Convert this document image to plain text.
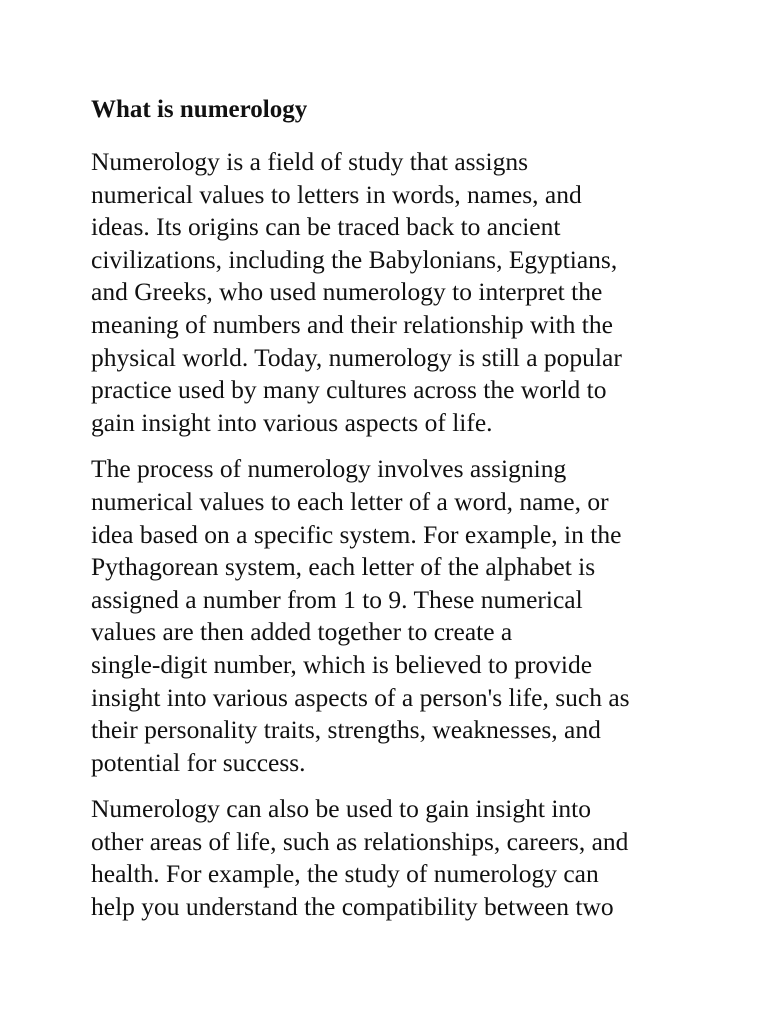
What is numerology

Numerology is a field of study that assigns
numerical values to letters in words, names, and
ideas. Its origins can be traced back to ancient
civilizations, including the Babylonians, Egyptians,
and Greeks, who used numerology to interpret the
meaning of numbers and their relationship with the
physical world. Today, numerology is still a popular
practice used by many cultures across the world to
gain insight into various aspects of life.

The process of numerology involves assigning
numerical values to each letter of a word, name, or
idea based on a specific system. For example, in the
Pythagorean system, each letter of the alphabet is
assigned a number from 1 to 9. These numerical
values are then added together to create a
single-digit number, which is believed to provide
insight into various aspects of a person's life, such as
their personality traits, strengths, weaknesses, and
potential for success.

Numerology can also be used to gain insight into
other areas of life, such as relationships, careers, and
health. For example, the study of numerology can
help you understand the compatibility between two
